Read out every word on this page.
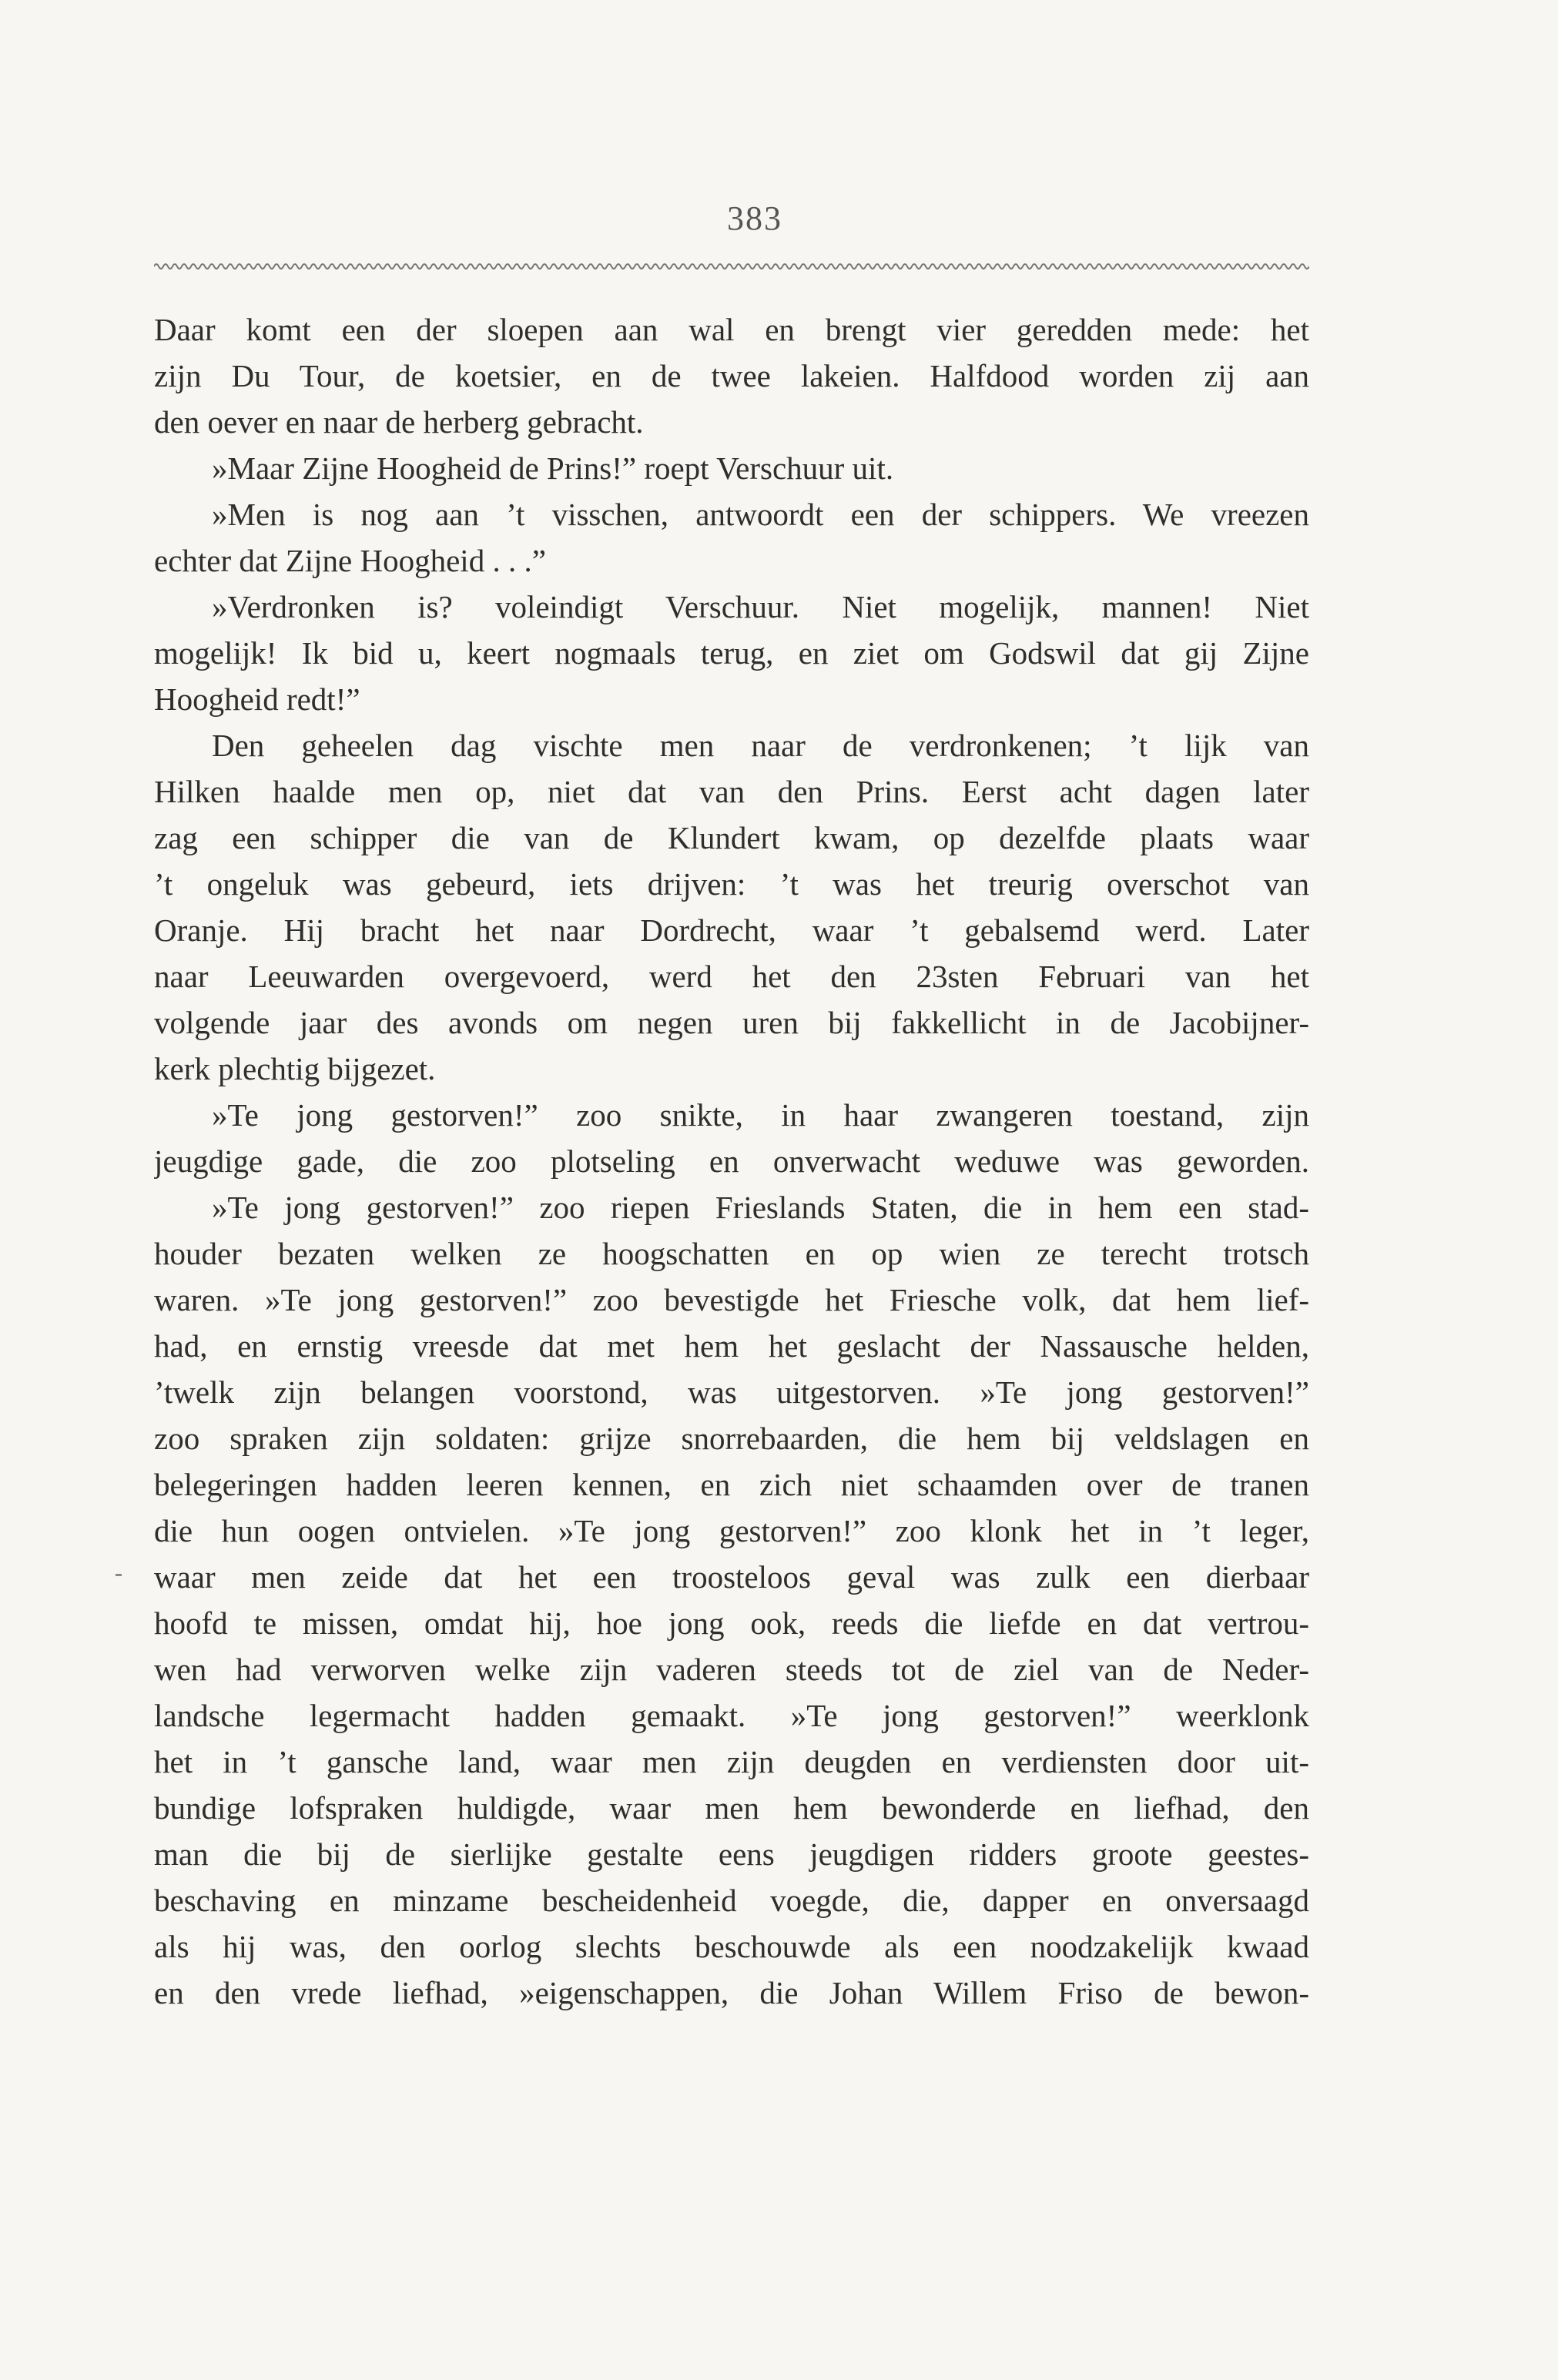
383
Daar komt een der sloepen aan wal en brengt vier geredden mede: het
zijn Du Tour, de koetsier, en de twee lakeien. Halfdood worden zij aan
den oever en naar de herberg gebracht.
»Maar Zijne Hoogheid de Prins!” roept Verschuur uit.
»Men is nog aan ’t visschen, antwoordt een der schippers. We vreezen
echter dat Zijne Hoogheid . . .”
»Verdronken is? voleindigt Verschuur. Niet mogelijk, mannen! Niet
mogelijk! Ik bid u, keert nogmaals terug, en ziet om Godswil dat gij Zijne
Hoogheid redt!”
Den geheelen dag vischte men naar de verdronkenen; ’t lijk van
Hilken haalde men op, niet dat van den Prins. Eerst acht dagen later
zag een schipper die van de Klundert kwam, op dezelfde plaats waar
’t ongeluk was gebeurd, iets drijven: ’t was het treurig overschot van
Oranje. Hij bracht het naar Dordrecht, waar ’t gebalsemd werd. Later
naar Leeuwarden overgevoerd, werd het den 23sten Februari van het
volgende jaar des avonds om negen uren bij fakkellicht in de Jacobijner-
kerk plechtig bijgezet.
»Te jong gestorven!” zoo snikte, in haar zwangeren toestand, zijn
jeugdige gade, die zoo plotseling en onverwacht weduwe was geworden.
»Te jong gestorven!” zoo riepen Frieslands Staten, die in hem een stad-
houder bezaten welken ze hoogschatten en op wien ze terecht trotsch
waren. »Te jong gestorven!” zoo bevestigde het Friesche volk, dat hem lief-
had, en ernstig vreesde dat met hem het geslacht der Nassausche helden,
’twelk zijn belangen voorstond, was uitgestorven. »Te jong gestorven!”
zoo spraken zijn soldaten: grijze snorrebaarden, die hem bij veldslagen en
belegeringen hadden leeren kennen, en zich niet schaamden over de tranen
die hun oogen ontvielen. »Te jong gestorven!” zoo klonk het in ’t leger,
waar men zeide dat het een troosteloos geval was zulk een dierbaar
hoofd te missen, omdat hij, hoe jong ook, reeds die liefde en dat vertrou-
wen had verworven welke zijn vaderen steeds tot de ziel van de Neder-
landsche legermacht hadden gemaakt. »Te jong gestorven!” weerklonk
het in ’t gansche land, waar men zijn deugden en verdiensten door uit-
bundige lofspraken huldigde, waar men hem bewonderde en liefhad, den
man die bij de sierlijke gestalte eens jeugdigen ridders groote geestes-
beschaving en minzame bescheidenheid voegde, die, dapper en onversaagd
als hij was, den oorlog slechts beschouwde als een noodzakelijk kwaad
en den vrede liefhad, »eigenschappen, die Johan Willem Friso de bewon-
